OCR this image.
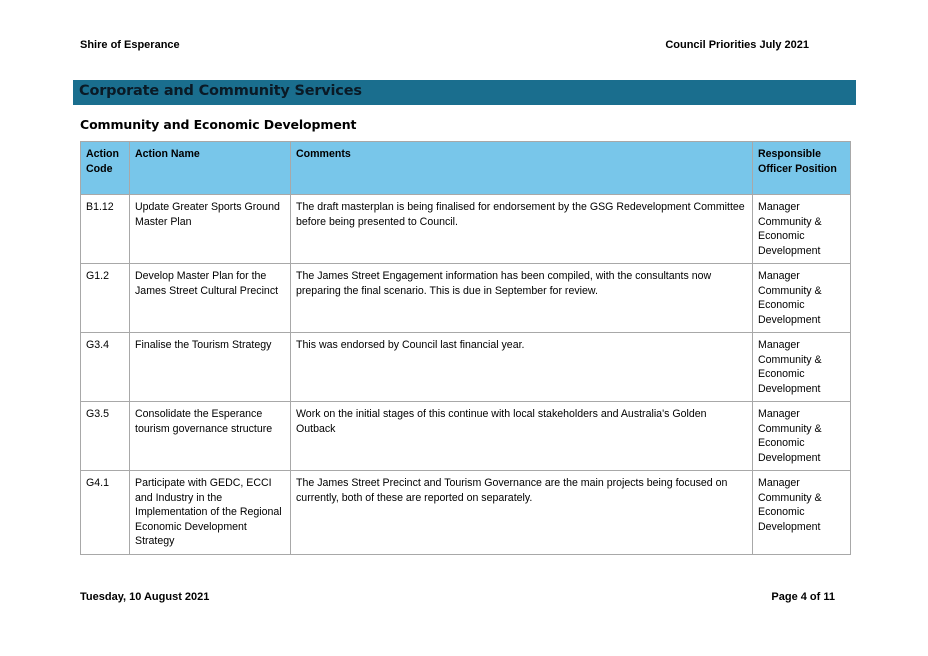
Shire of Esperance	Council Priorities July 2021
Corporate and Community Services
Community and Economic Development
Action Code	Action Name	Comments	Responsible Officer Position
B1.12	Update Greater Sports Ground Master Plan	The draft masterplan is being finalised for endorsement by the GSG Redevelopment Committee before being presented to Council.	Manager Community & Economic Development
G1.2	Develop Master Plan for the James Street Cultural Precinct	The James Street Engagement information has been compiled, with the consultants now preparing the final scenario. This is due in September for review.	Manager Community & Economic Development
G3.4	Finalise the Tourism Strategy	This was endorsed by Council last financial year.	Manager Community & Economic Development
G3.5	Consolidate the Esperance tourism governance structure	Work on the initial stages of this continue with local stakeholders and Australia's Golden Outback	Manager Community & Economic Development
G4.1	Participate with GEDC, ECCI and Industry in the Implementation of the Regional Economic Development Strategy	The James Street Precinct and Tourism Governance are the main projects being focused on currently, both of these are reported on separately.	Manager Community & Economic Development
Tuesday, 10 August 2021	Page 4 of 11
